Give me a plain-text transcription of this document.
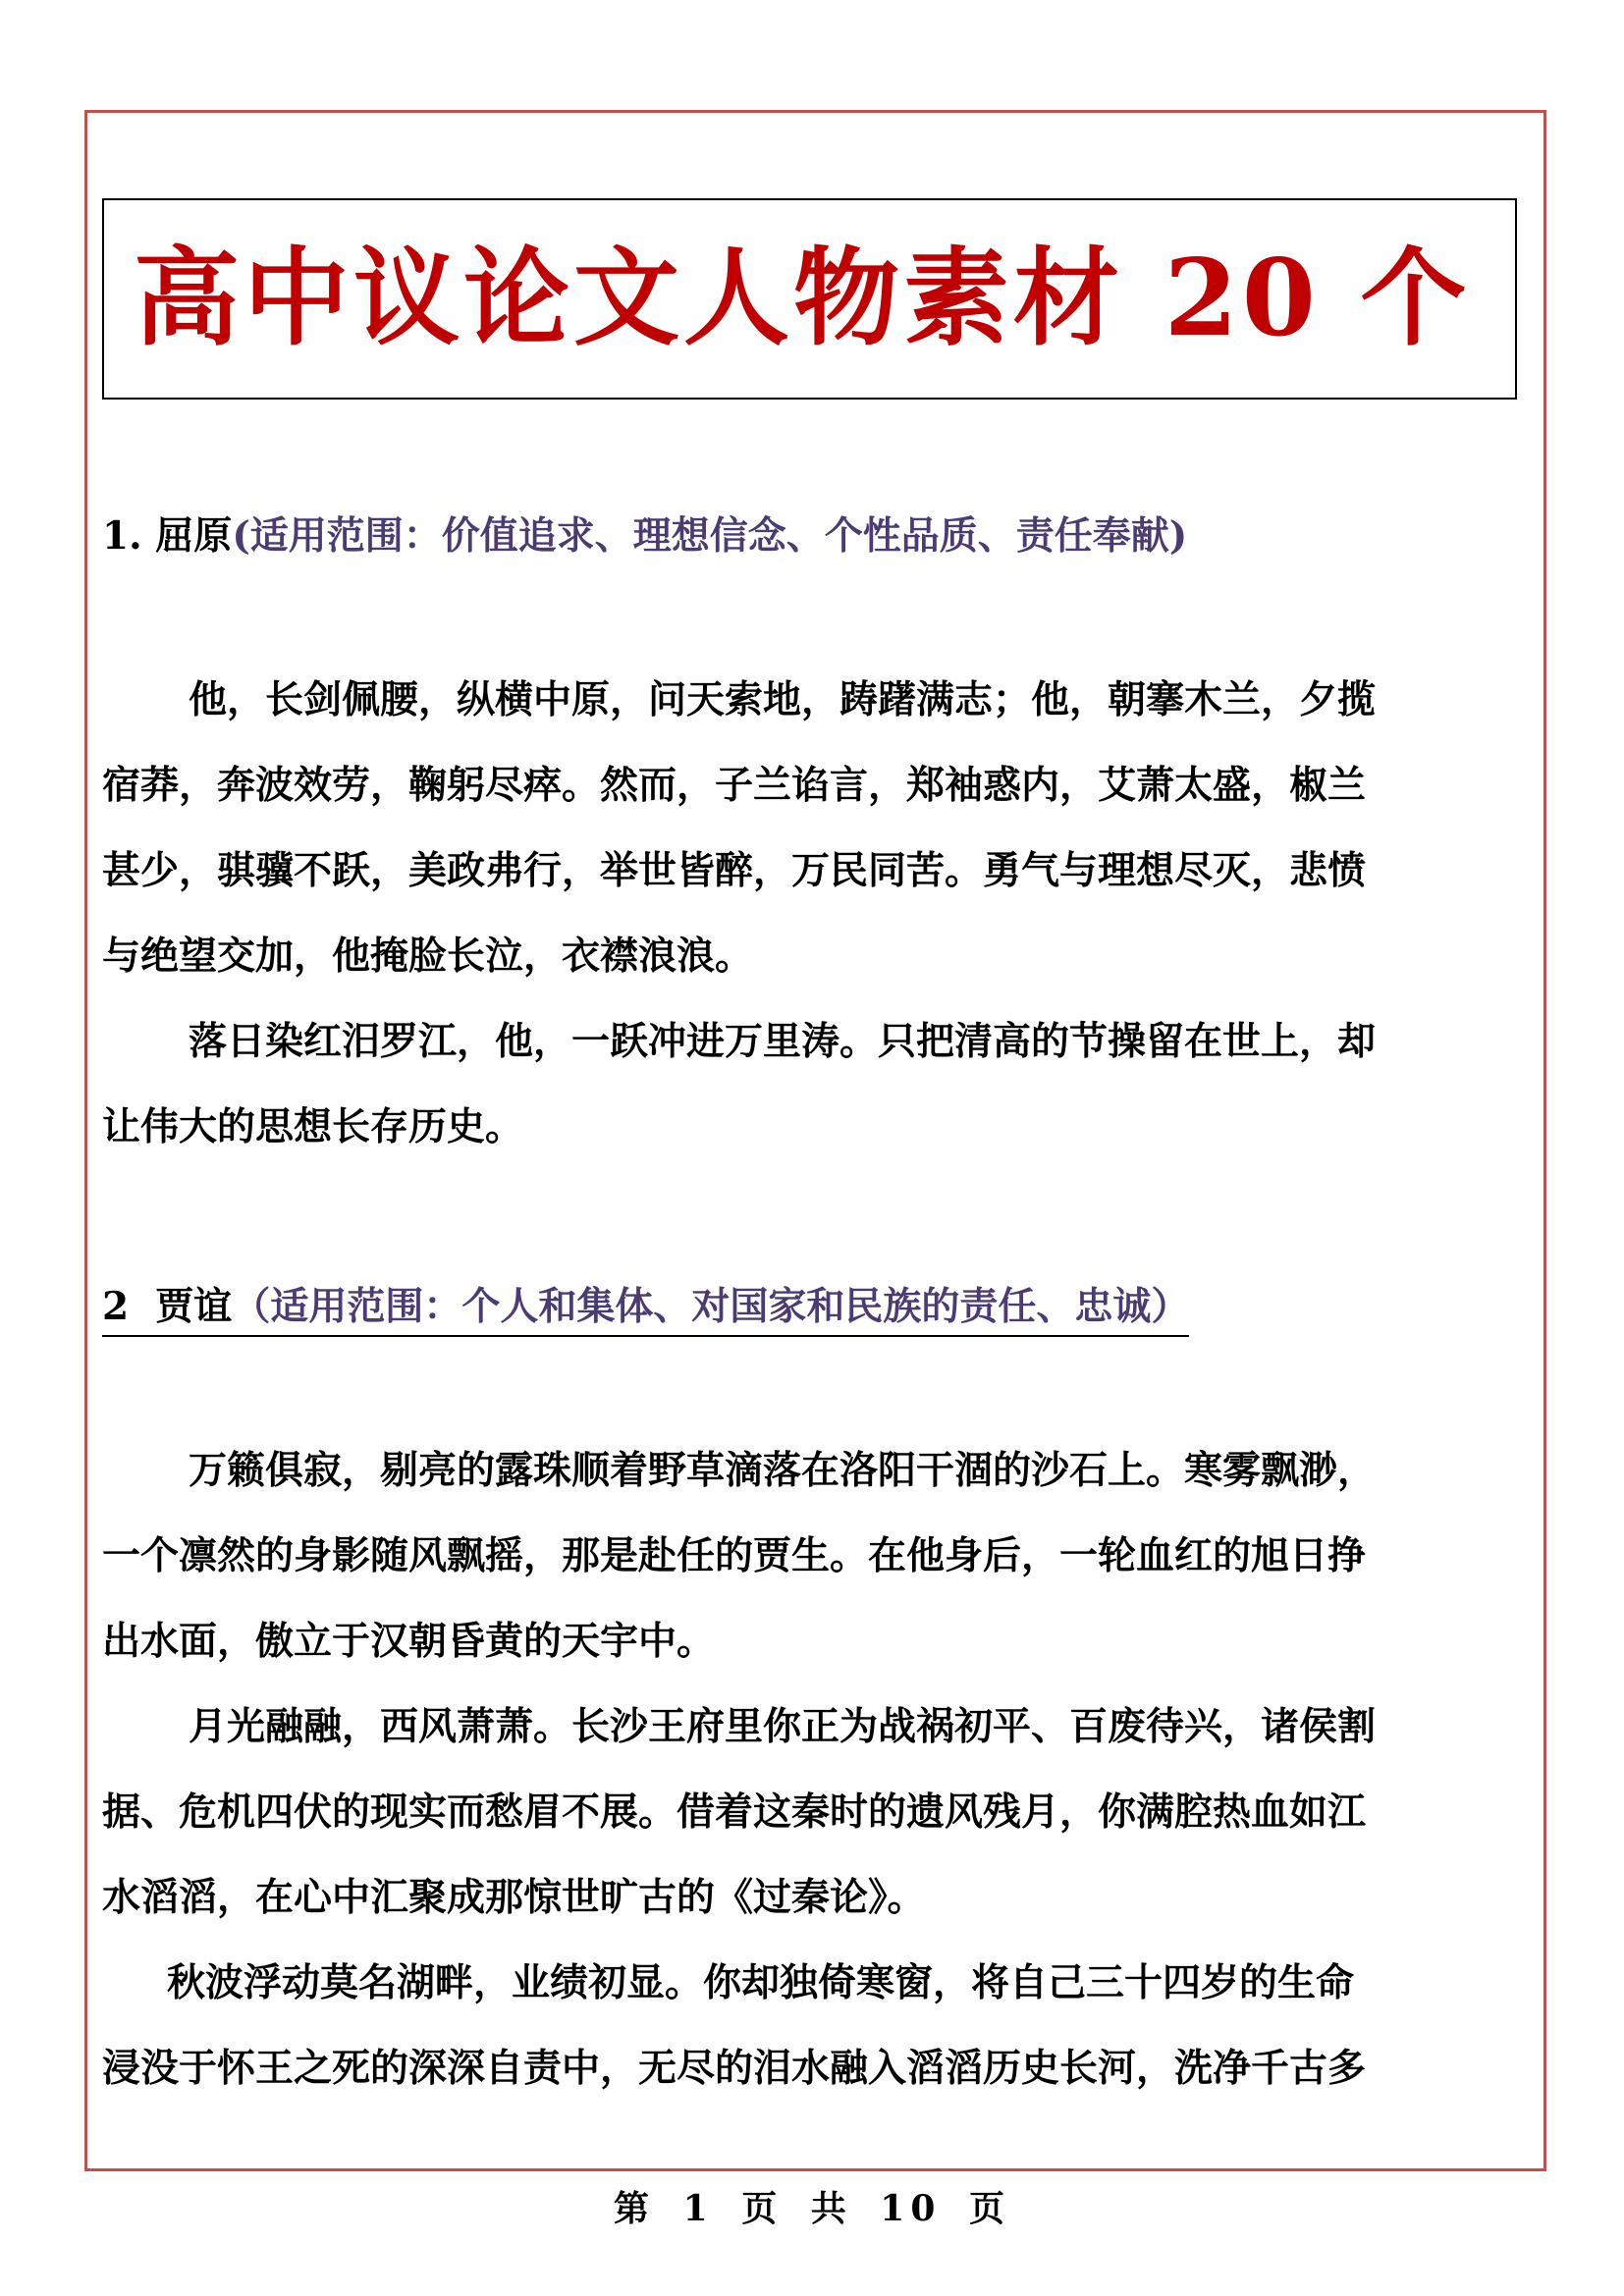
高中议论文人物素材 20 个
1. 屈原(适用范围：价值追求、理想信念、个性品质、责任奉献)
他，长剑佩腰，纵横中原，问天索地，踌躇满志；他，朝搴木兰，夕揽
宿莽，奔波效劳，鞠躬尽瘁。然而，子兰谄言，郑袖惑内，艾萧太盛，椒兰
甚少，骐骥不跃，美政弗行，举世皆醉，万民同苦。勇气与理想尽灭，悲愤
与绝望交加，他掩脸长泣，衣襟浪浪。
落日染红汨罗江，他，一跃冲进万里涛。只把清高的节操留在世上，却
让伟大的思想长存历史。
2 贾谊（适用范围：个人和集体、对国家和民族的责任、忠诚）
万籁俱寂，剔亮的露珠顺着野草滴落在洛阳干涸的沙石上。寒雾飘渺，
一个凛然的身影随风飘摇，那是赴任的贾生。在他身后，一轮血红的旭日挣
出水面，傲立于汉朝昏黄的天宇中。
月光融融，西风萧萧。长沙王府里你正为战祸初平、百废待兴，诸侯割
据、危机四伏的现实而愁眉不展。借着这秦时的遗风残月，你满腔热血如江
水滔滔，在心中汇聚成那惊世旷古的《过秦论》。
秋波浮动莫名湖畔，业绩初显。你却独倚寒窗，将自己三十四岁的生命
浸没于怀王之死的深深自责中，无尽的泪水融入滔滔历史长河，洗净千古多
第 1 页 共 10 页
